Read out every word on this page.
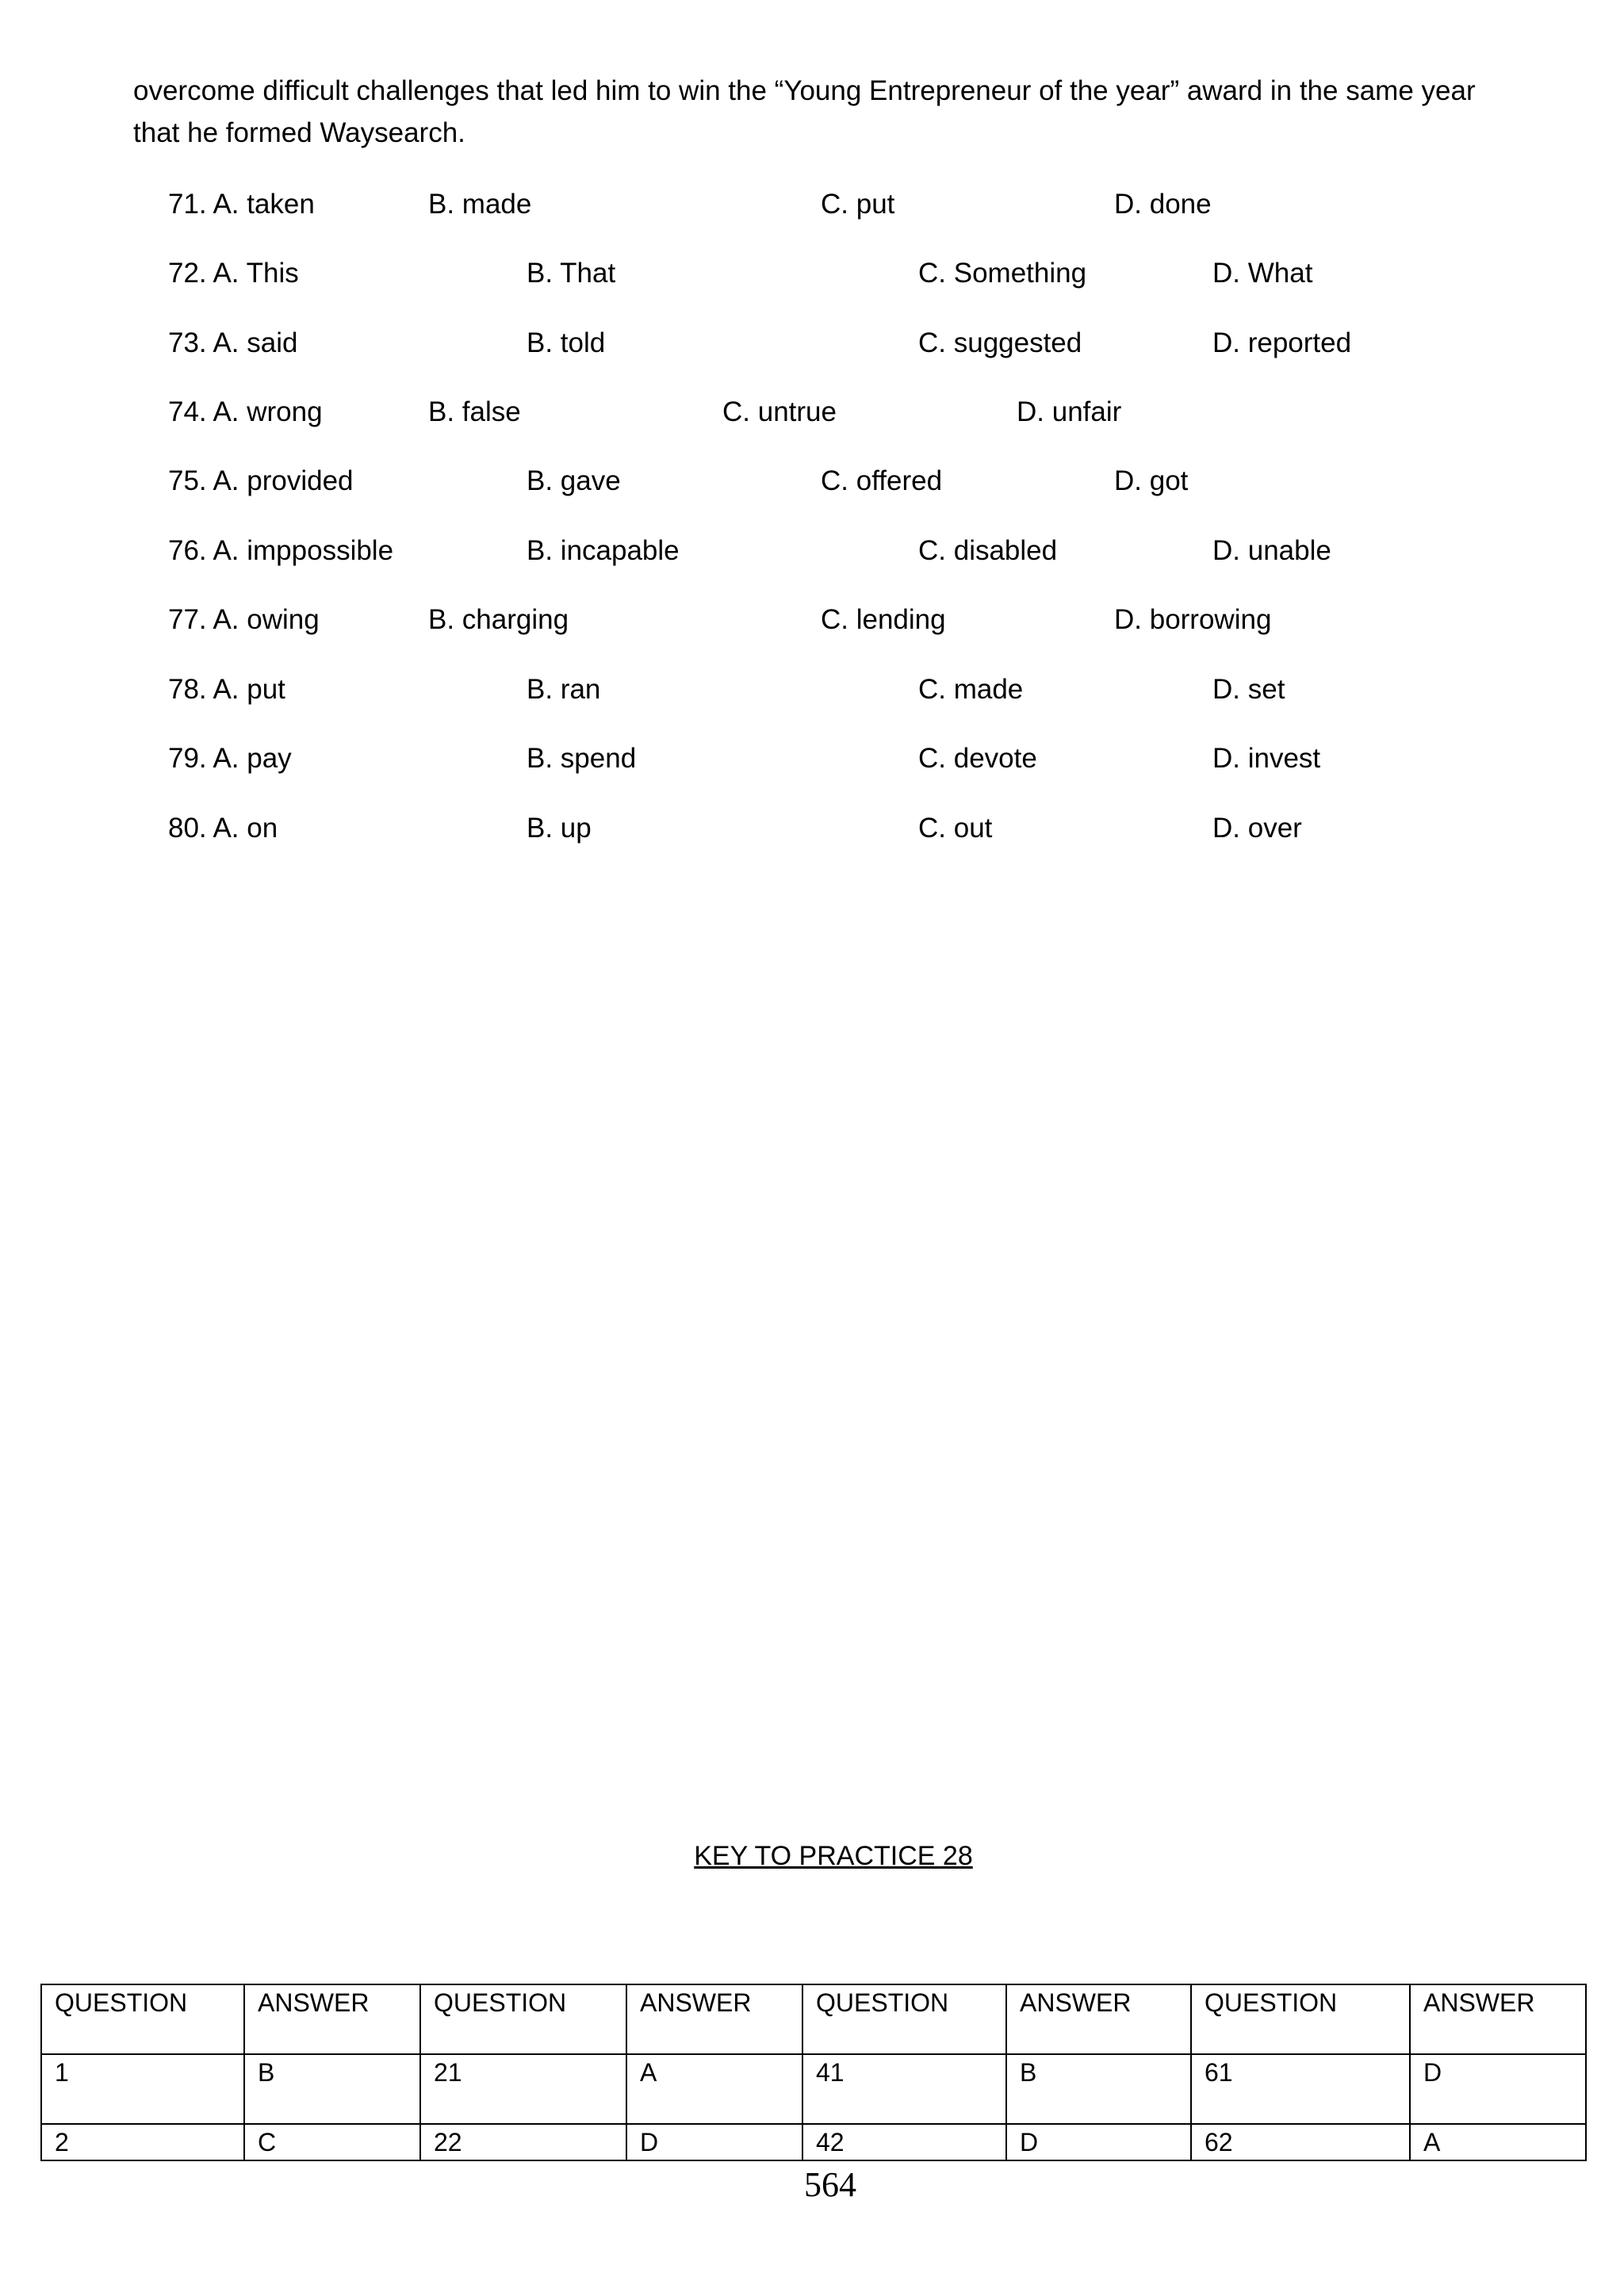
overcome difficult challenges that led him to win the “Young Entrepreneur of the year” award in the same year

that he formed Waysearch.

71. A. taken	B. made	C. put	D. done
72. A. This	B. That	C. Something	D. What
73. A. said	B. told	C. suggested	D. reported
74. A. wrong	B. false	C. untrue	D. unfair
75. A. provided	B. gave	C. offered	D. got
76. A. imppossible	B. incapable	C. disabled	D. unable
77. A. owing	B. charging	C. lending	D. borrowing
78. A. put	B. ran	C. made	D. set
79. A. pay	B. spend	C. devote	D. invest
80. A. on	B. up	C. out	D. over
KEY TO PRACTICE 28
QUESTION	ANSWER	QUESTION	ANSWER	QUESTION	ANSWER	QUESTION	ANSWER
1	B	21	A	41	B	61	D
2	C	22	D	42	D	62	A
564
